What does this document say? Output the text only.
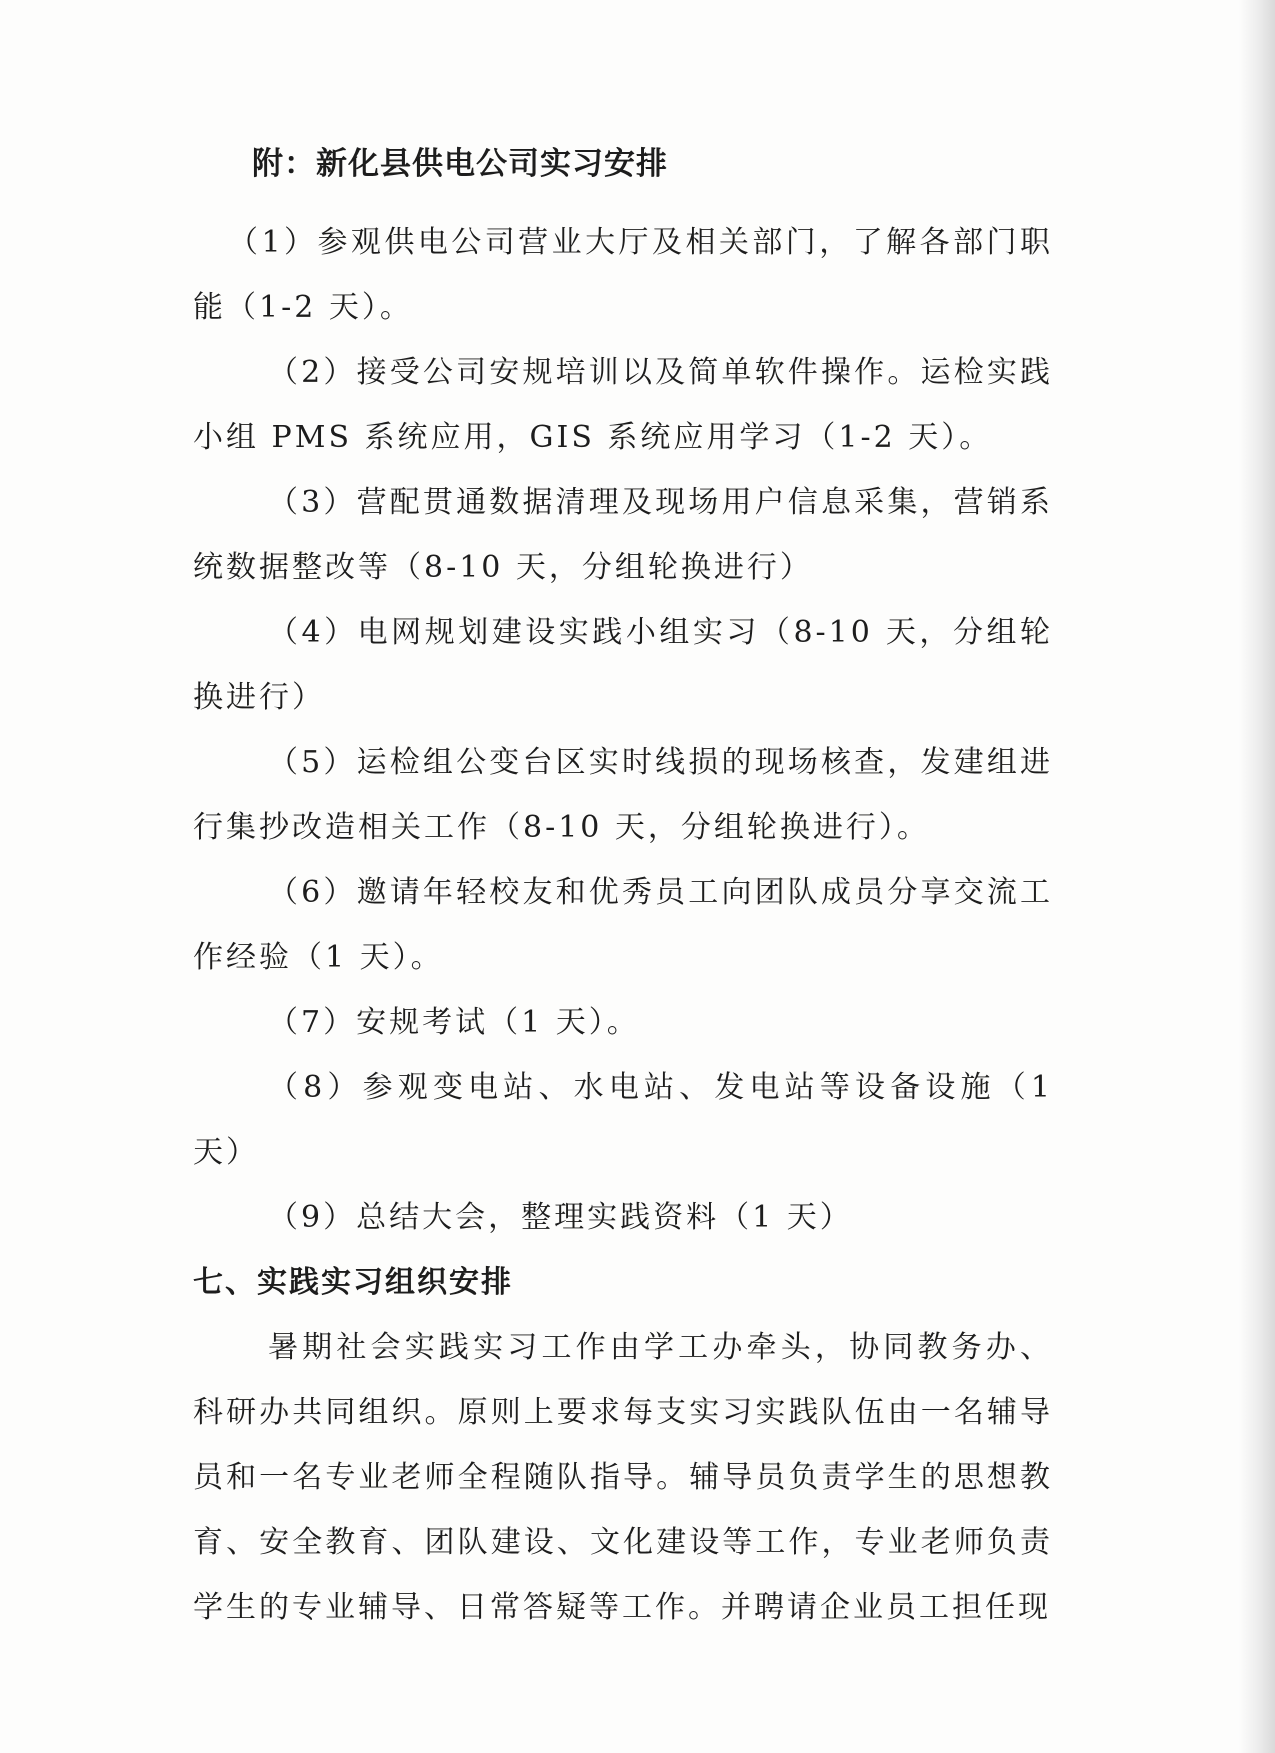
附：新化县供电公司实习安排

（1）参观供电公司营业大厅及相关部门，了解各部门职能（1-2 天）。

（2）接受公司安规培训以及简单软件操作。运检实践小组 PMS 系统应用，GIS 系统应用学习（1-2 天）。

（3）营配贯通数据清理及现场用户信息采集，营销系统数据整改等（8-10 天，分组轮换进行）

（4）电网规划建设实践小组实习（8-10 天，分组轮换进行）

（5）运检组公变台区实时线损的现场核查，发建组进行集抄改造相关工作（8-10 天，分组轮换进行）。

（6）邀请年轻校友和优秀员工向团队成员分享交流工作经验（1 天）。

（7）安规考试（1 天）。

（8）参观变电站、水电站、发电站等设备设施（1 天）

（9）总结大会，整理实践资料（1 天）

七、实践实习组织安排

暑期社会实践实习工作由学工办牵头，协同教务办、科研办共同组织。原则上要求每支实习实践队伍由一名辅导员和一名专业老师全程随队指导。辅导员负责学生的思想教育、安全教育、团队建设、文化建设等工作，专业老师负责学生的专业辅导、日常答疑等工作。并聘请企业员工担任现
